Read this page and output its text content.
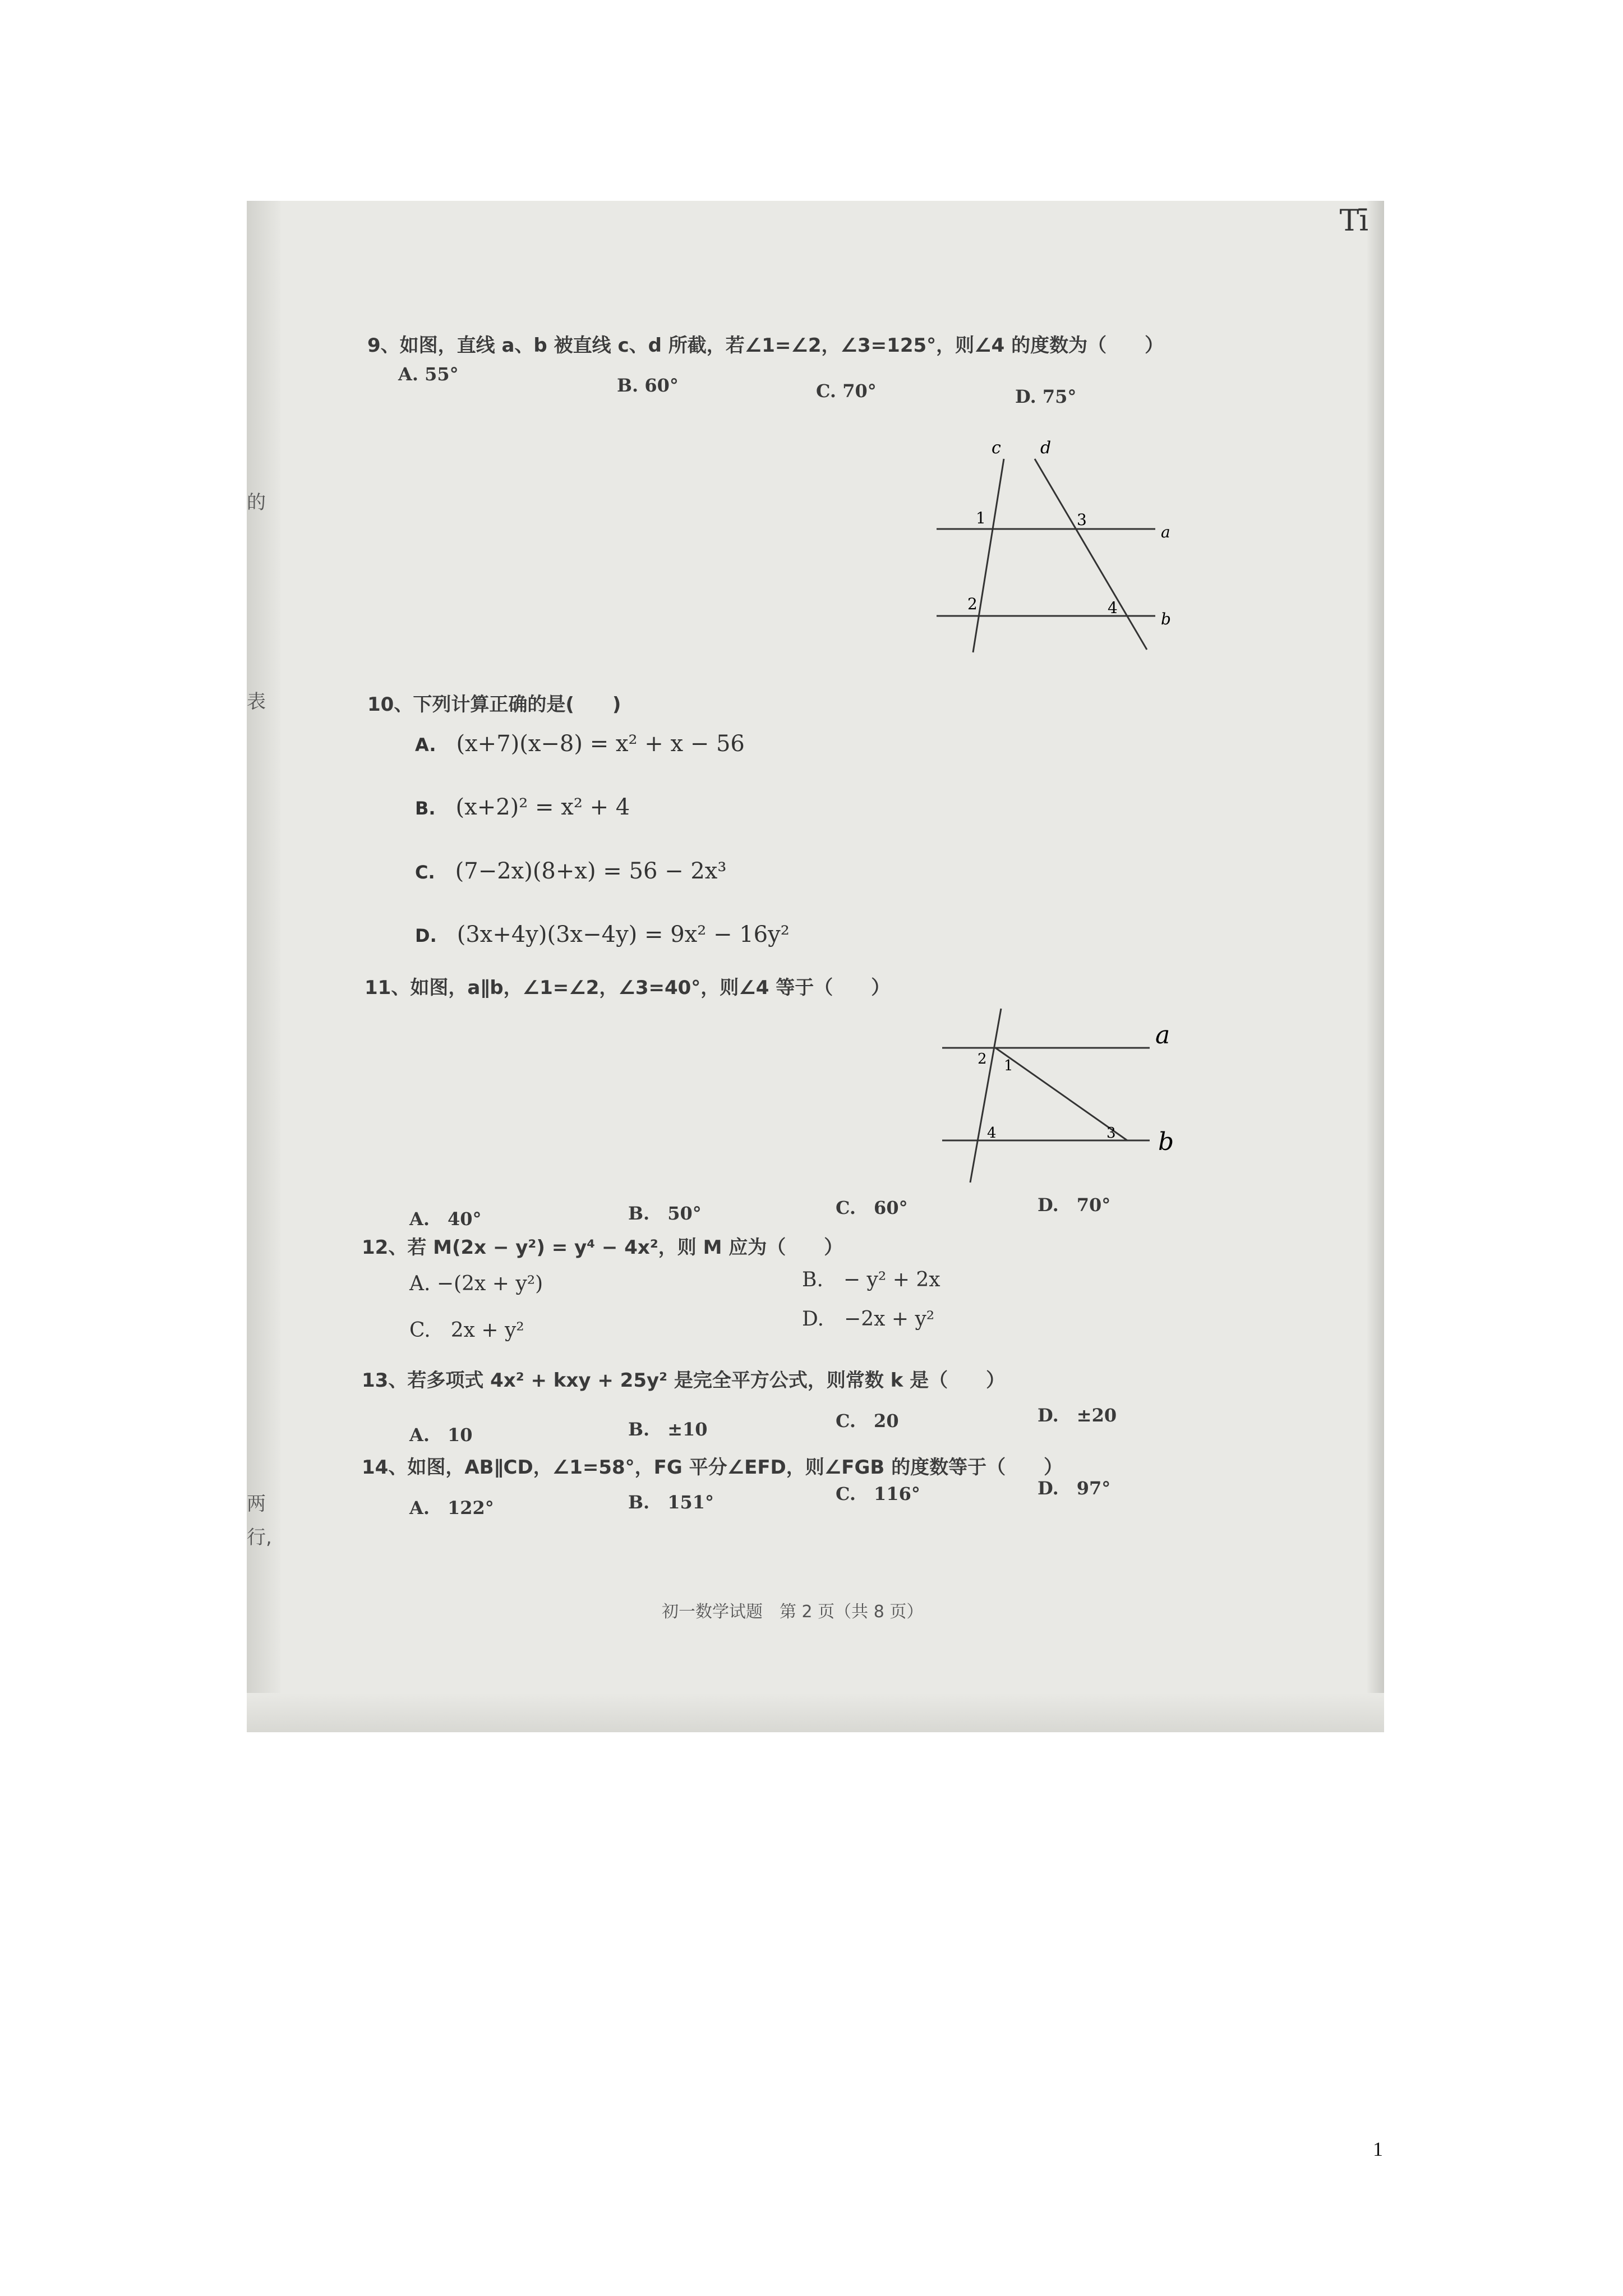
Tī
的
表
两
行,
9、如图，直线 a、b 被直线 c、d 所截，若∠1=∠2，∠3=125°，则∠4 的度数为（　　）
A. 55°
B. 60°	C. 70°	D. 75°
c d
a
b
1
2
3
4
10、下列计算正确的是(　　)
A. (x+7)(x−8) = x² + x − 56
B. (x+2)² = x² + 4
C. (7−2x)(8+x) = 56 − 2x³
D. (3x+4y)(3x−4y) = 9x² − 16y²
11、如图，a∥b，∠1=∠2，∠3=40°，则∠4 等于（　　）
a
b
2 1
3
4
A.　40°	B.　50°	C.　60°	D.　70°
12、若 M(2x − y²) = y⁴ − 4x²，则 M 应为（　　）
A. −(2x + y²)	B.　− y² + 2x
C.　2x + y²	D.　−2x + y²
13、若多项式 4x² + kxy + 25y² 是完全平方公式，则常数 k 是（　　）
A.　10	B.　±10	C.　20	D.　±20
14、如图，AB∥CD，∠1=58°，FG 平分∠EFD，则∠FGB 的度数等于（　　）
A.　122°	B.　151°	C.　116°	D.　97°
初一数学试题　第 2 页（共 8 页）
1
